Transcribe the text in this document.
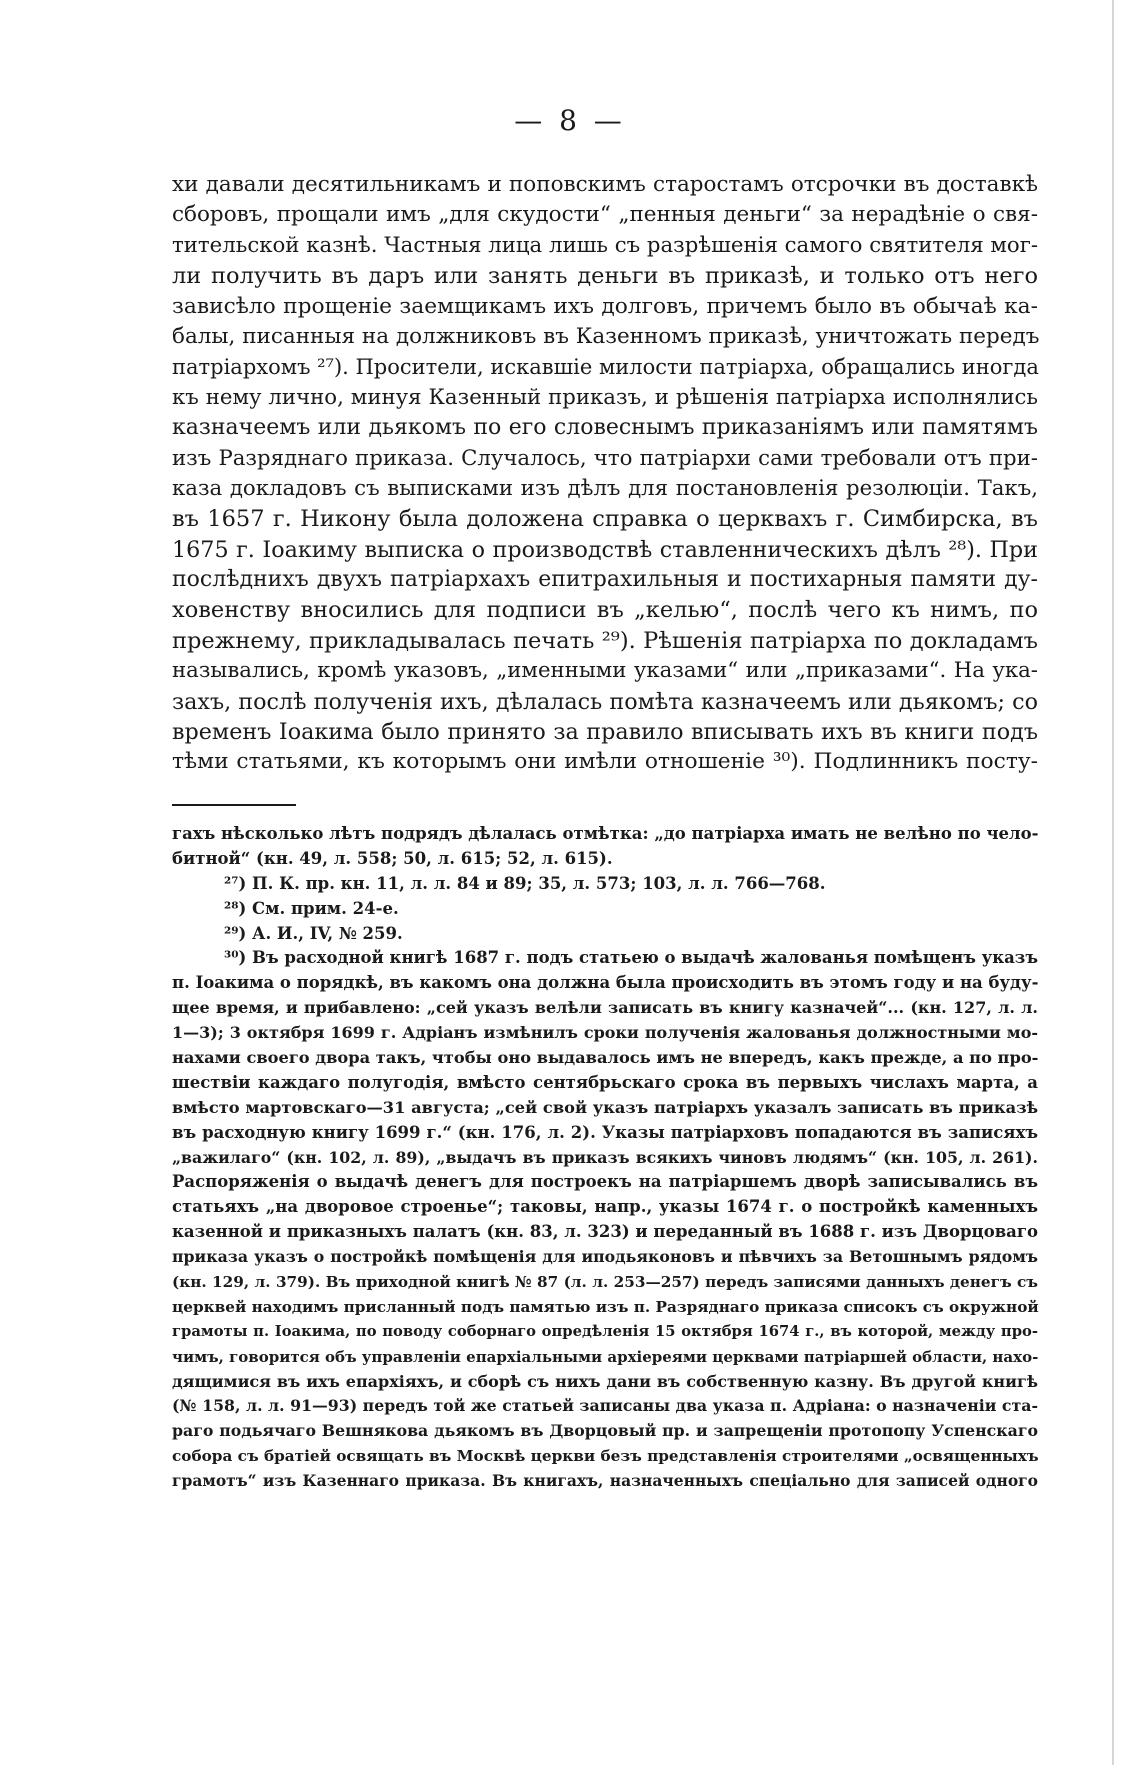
— 8 —
хи давали десятильникамъ и поповскимъ старостамъ отсрочки въ доставкѣ
сборовъ, прощали имъ „для скудости“ „пенныя деньги“ за нерадѣніе о свя-
тительской казнѣ. Частныя лица лишь съ разрѣшенія самого святителя мог-
ли получить въ даръ или занять деньги въ приказѣ, и только отъ него
зависѣло прощеніе заемщикамъ ихъ долговъ, причемъ было въ обычаѣ ка-
балы, писанныя на должниковъ въ Казенномъ приказѣ, уничтожать передъ
патріархомъ ²⁷). Просители, искавшіе милости патріарха, обращались иногда
къ нему лично, минуя Казенный приказъ, и рѣшенія патріарха исполнялись
казначеемъ или дьякомъ по его словеснымъ приказаніямъ или памятямъ
изъ Разряднаго приказа. Случалось, что патріархи сами требовали отъ при-
каза докладовъ съ выписками изъ дѣлъ для постановленія резолюціи. Такъ,
въ 1657 г. Никону была доложена справка о церквахъ г. Симбирска, въ
1675 г. Іоакиму выписка о производствѣ ставленническихъ дѣлъ ²⁸). При
послѣднихъ двухъ патріархахъ епитрахильныя и постихарныя памяти ду-
ховенству вносились для подписи въ „келью“, послѣ чего къ нимъ, по
прежнему, прикладывалась печать ²⁹). Рѣшенія патріарха по докладамъ
назывались, кромѣ указовъ, „именными указами“ или „приказами“. На ука-
захъ, послѣ полученія ихъ, дѣлалась помѣта казначеемъ или дьякомъ; со
временъ Іоакима было принято за правило вписывать ихъ въ книги подъ
тѣми статьями, къ которымъ они имѣли отношеніе ³⁰). Подлинникъ посту-
гахъ нѣсколько лѣтъ подрядъ дѣлалась отмѣтка: „до патріарха имать не велѣно по чело-
битной“ (кн. 49, л. 558; 50, л. 615; 52, л. 615).
²⁷) П. К. пр. кн. 11, л. л. 84 и 89; 35, л. 573; 103, л. л. 766—768.
²⁸) См. прим. 24-е.
²⁹) А. И., IV, № 259.
³⁰) Въ расходной книгѣ 1687 г. подъ статьею о выдачѣ жалованья помѣщенъ указъ
п. Іоакима о порядкѣ, въ какомъ она должна была происходить въ этомъ году и на буду-
щее время, и прибавлено: „сей указъ велѣли записать въ книгу казначей“... (кн. 127, л. л.
1—3); 3 октября 1699 г. Адріанъ измѣнилъ сроки полученія жалованья должностными мо-
нахами своего двора такъ, чтобы оно выдавалось имъ не впередъ, какъ прежде, а по про-
шествіи каждаго полугодія, вмѣсто сентябрьскаго срока въ первыхъ числахъ марта, а
вмѣсто мартовскаго—31 августа; „сей свой указъ патріархъ указалъ записать въ приказѣ
въ расходную книгу 1699 г.“ (кн. 176, л. 2). Указы патріарховъ попадаются въ записяхъ
„важилаго“ (кн. 102, л. 89), „выдачъ въ приказъ всякихъ чиновъ людямъ“ (кн. 105, л. 261).
Распоряженія о выдачѣ денегъ для построекъ на патріаршемъ дворѣ записывались въ
статьяхъ „на дворовое строенье“; таковы, напр., указы 1674 г. о постройкѣ каменныхъ
казенной и приказныхъ палатъ (кн. 83, л. 323) и переданный въ 1688 г. изъ Дворцоваго
приказа указъ о постройкѣ помѣщенія для иподьяконовъ и пѣвчихъ за Ветошнымъ рядомъ
(кн. 129, л. 379). Въ приходной книгѣ № 87 (л. л. 253—257) передъ записями данныхъ денегъ съ
церквей находимъ присланный подъ памятью изъ п. Разряднаго приказа списокъ съ окружной
грамоты п. Іоакима, по поводу соборнаго опредѣленія 15 октября 1674 г., въ которой, между про-
чимъ, говорится объ управленіи епархіальными архіереями церквами патріаршей области, нахо-
дящимися въ ихъ епархіяхъ, и сборѣ съ нихъ дани въ собственную казну. Въ другой книгѣ
(№ 158, л. л. 91—93) передъ той же статьей записаны два указа п. Адріана: о назначеніи ста-
раго подьячаго Вешнякова дьякомъ въ Дворцовый пр. и запрещеніи протопопу Успенскаго
собора съ братіей освящать въ Москвѣ церкви безъ представленія строителями „освященныхъ
грамотъ“ изъ Казеннаго приказа. Въ книгахъ, назначенныхъ спеціально для записей одного
